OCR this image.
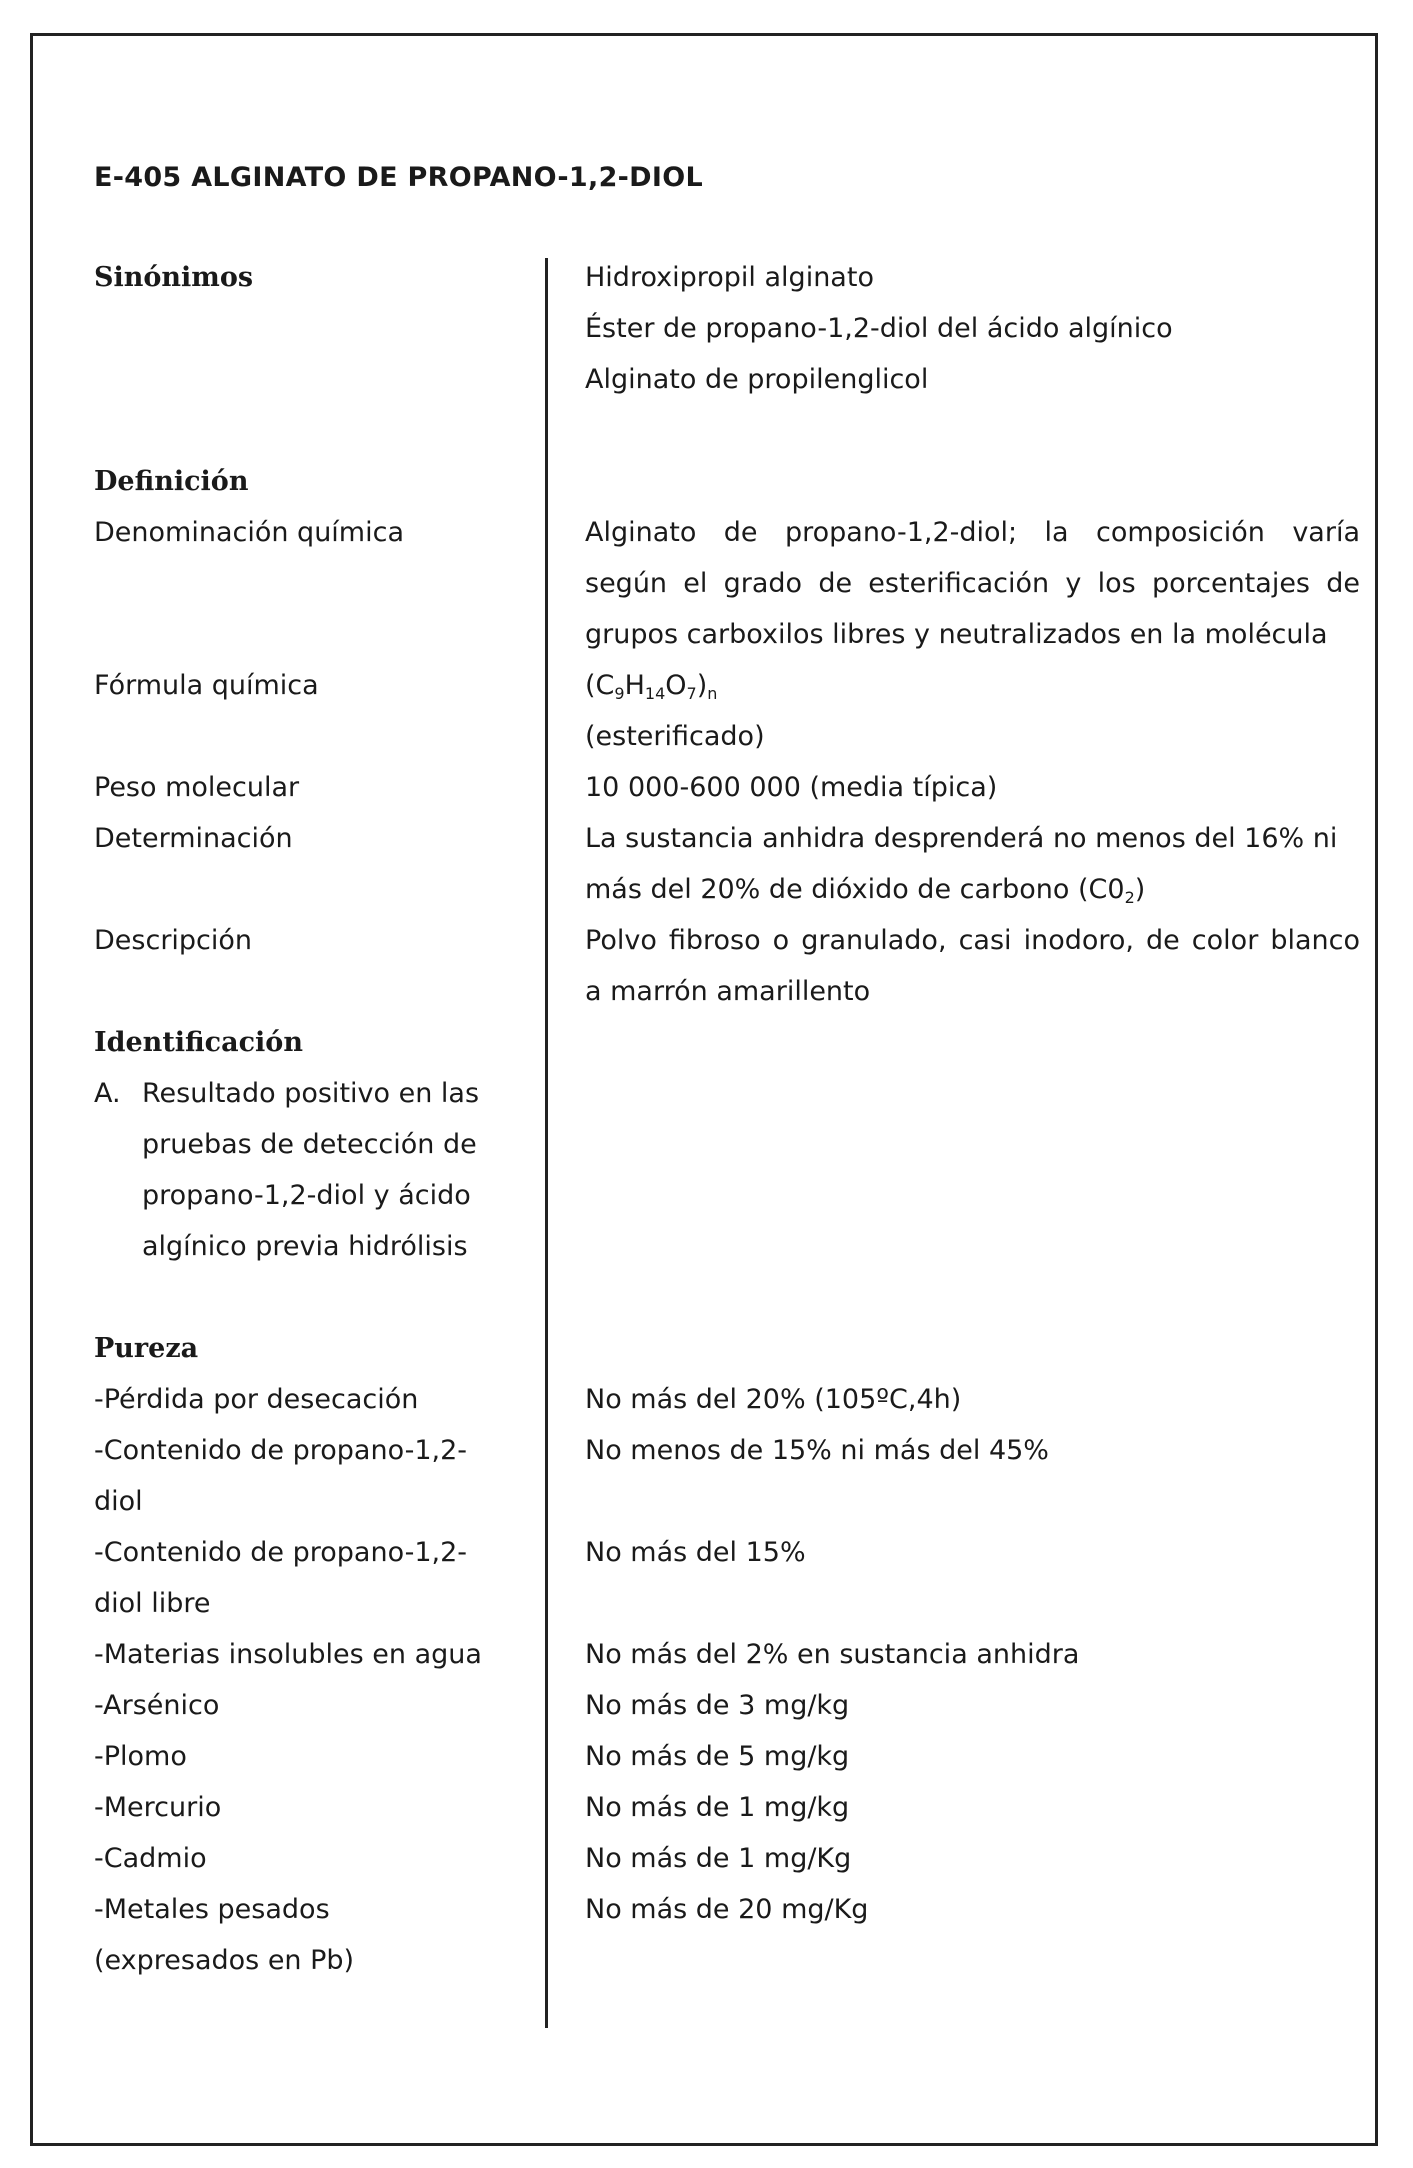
E-405 ALGINATO DE PROPANO-1,2-DIOL
Sinónimos
Definición
Denominación química
Fórmula química
Peso molecular
Determinación
Descripción
Identificación
A. Resultado positivo en las
pruebas de detección de
propano-1,2-diol y ácido
algínico previa hidrólisis
Pureza
-Pérdida por desecación
-Contenido de propano-1,2-
diol
-Contenido de propano-1,2-
diol libre
-Materias insolubles en agua
-Arsénico
-Plomo
-Mercurio
-Cadmio
-Metales pesados
(expresados en Pb)
Hidroxipropil alginato
Éster de propano-1,2-diol del ácido algínico
Alginato de propilenglicol
Alginato de propano-1,2-diol; la composición varía
según el grado de esterificación y los porcentajes de
grupos carboxilos libres y neutralizados en la molécula
$(C_9H_{14}O_7)_n$
(esterificado)
10 000-600 000 (media típica)
La sustancia anhidra desprenderá no menos del 16% ni
más del 20% de dióxido de carbono $(C0_2)$
Polvo fibroso o granulado, casi inodoro, de color blanco
a marrón amarillento
No más del 20% (105ºC,4h)
No menos de 15% ni más del 45%
No más del 15%
No más del 2% en sustancia anhidra
No más de 3 mg/kg
No más de 5 mg/kg
No más de 1 mg/kg
No más de 1 mg/Kg
No más de 20 mg/Kg
